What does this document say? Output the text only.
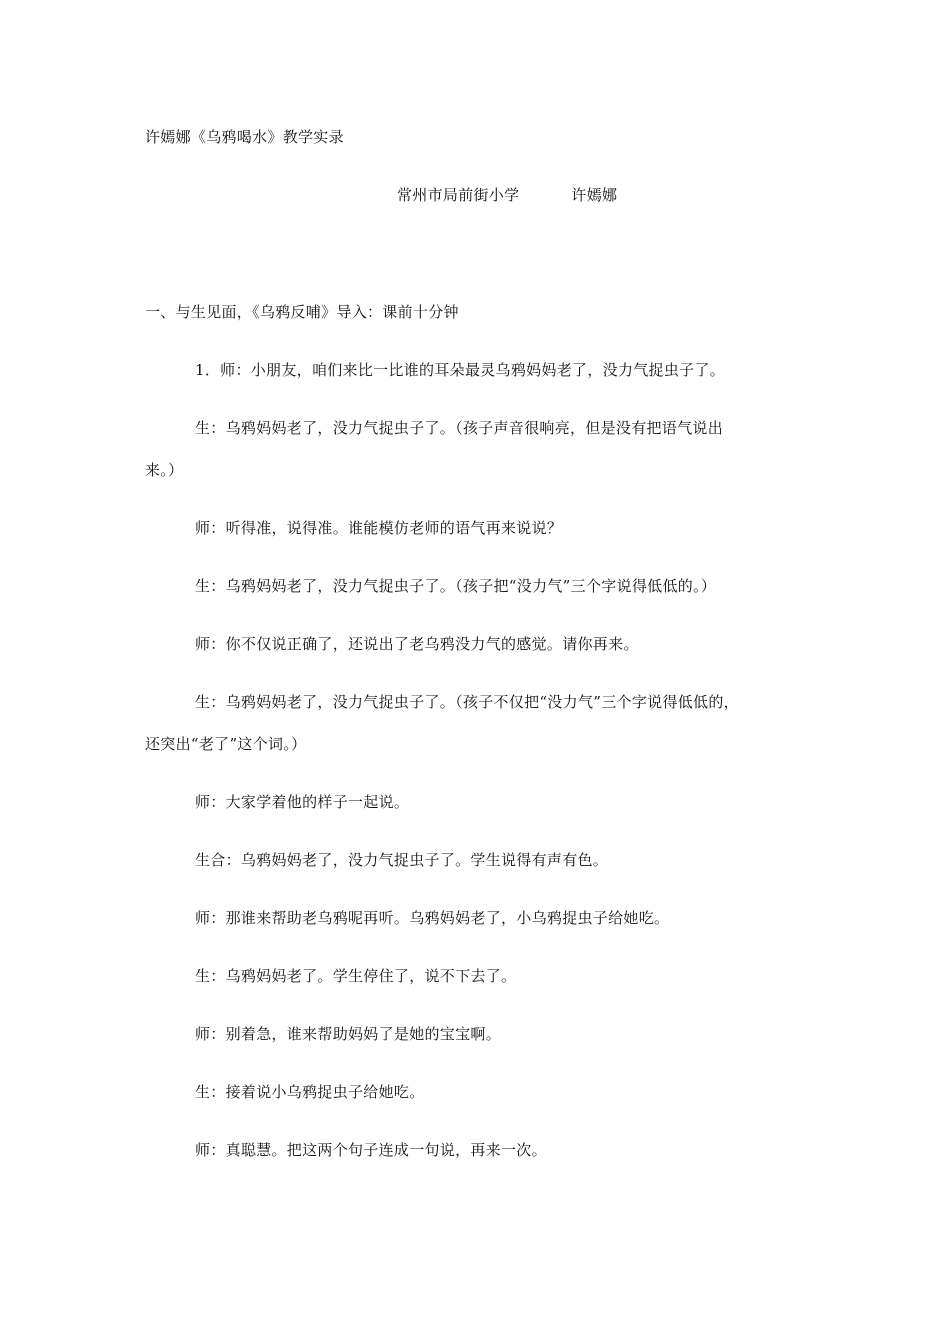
许嫣娜《乌鸦喝水》教学实录
常州市局前街小学	许嫣娜
一、与生见面，《乌鸦反哺》导入：课前十分钟
1．师：小朋友，咱们来比一比谁的耳朵最灵乌鸦妈妈老了，没力气捉虫子了。
生：乌鸦妈妈老了，没力气捉虫子了。（孩子声音很响亮，但是没有把语气说出
来。）
师：听得准，说得准。谁能模仿老师的语气再来说说？
生：乌鸦妈妈老了，没力气捉虫子了。（孩子把“没力气”三个字说得低低的。）
师：你不仅说正确了，还说出了老乌鸦没力气的感觉。请你再来。
生：乌鸦妈妈老了，没力气捉虫子了。（孩子不仅把“没力气”三个字说得低低的，
还突出“老了”这个词。）
师：大家学着他的样子一起说。
生合：乌鸦妈妈老了，没力气捉虫子了。学生说得有声有色。
师：那谁来帮助老乌鸦呢再听。乌鸦妈妈老了，小乌鸦捉虫子给她吃。
生：乌鸦妈妈老了。学生停住了，说不下去了。
师：别着急，谁来帮助妈妈了是她的宝宝啊。
生：接着说小乌鸦捉虫子给她吃。
师：真聪慧。把这两个句子连成一句说，再来一次。
